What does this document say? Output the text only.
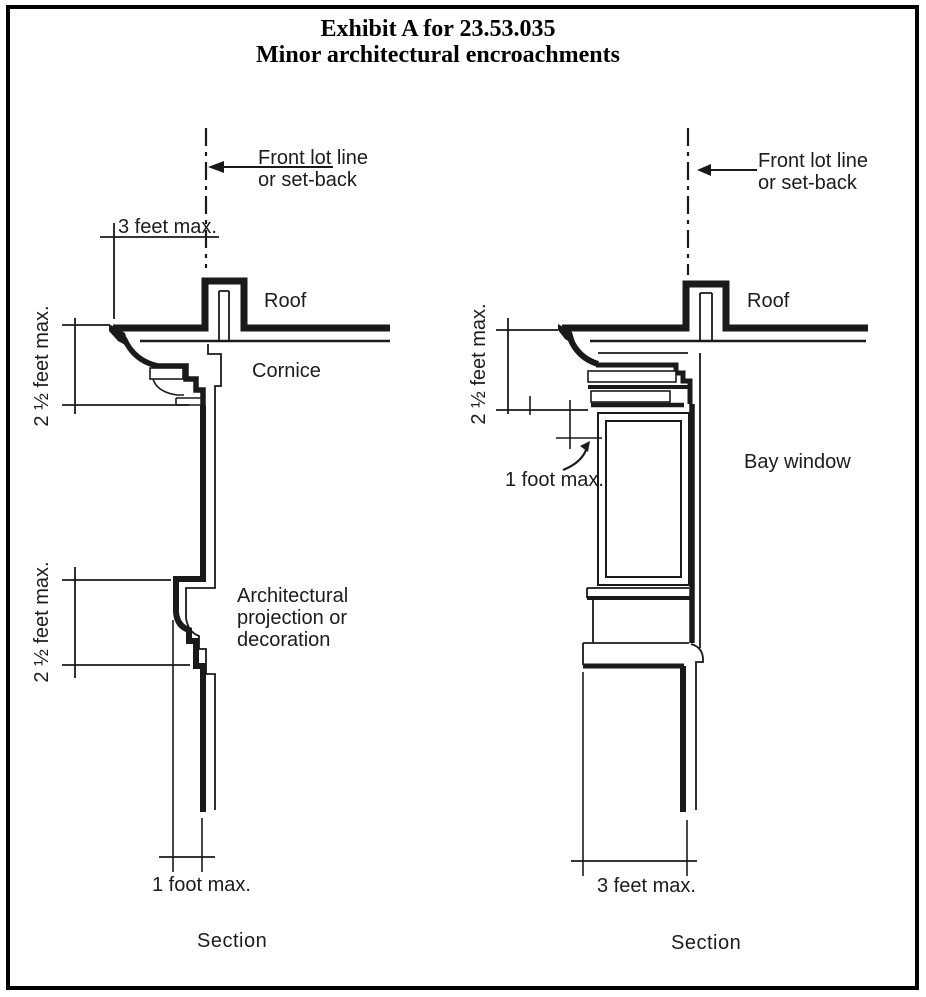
Exhibit A for 23.53.035
Minor architectural encroachments
Front lot line
or set-back
3 feet max.
Roof
Cornice
2 ½ feet max.
2 ½ feet max.	Architectural
projection or
decoration
1 foot max.
Section
Front lot line
or set-back
Roof
2 ½ feet max.
Bay window
1 foot max.
3 feet max.
Section
